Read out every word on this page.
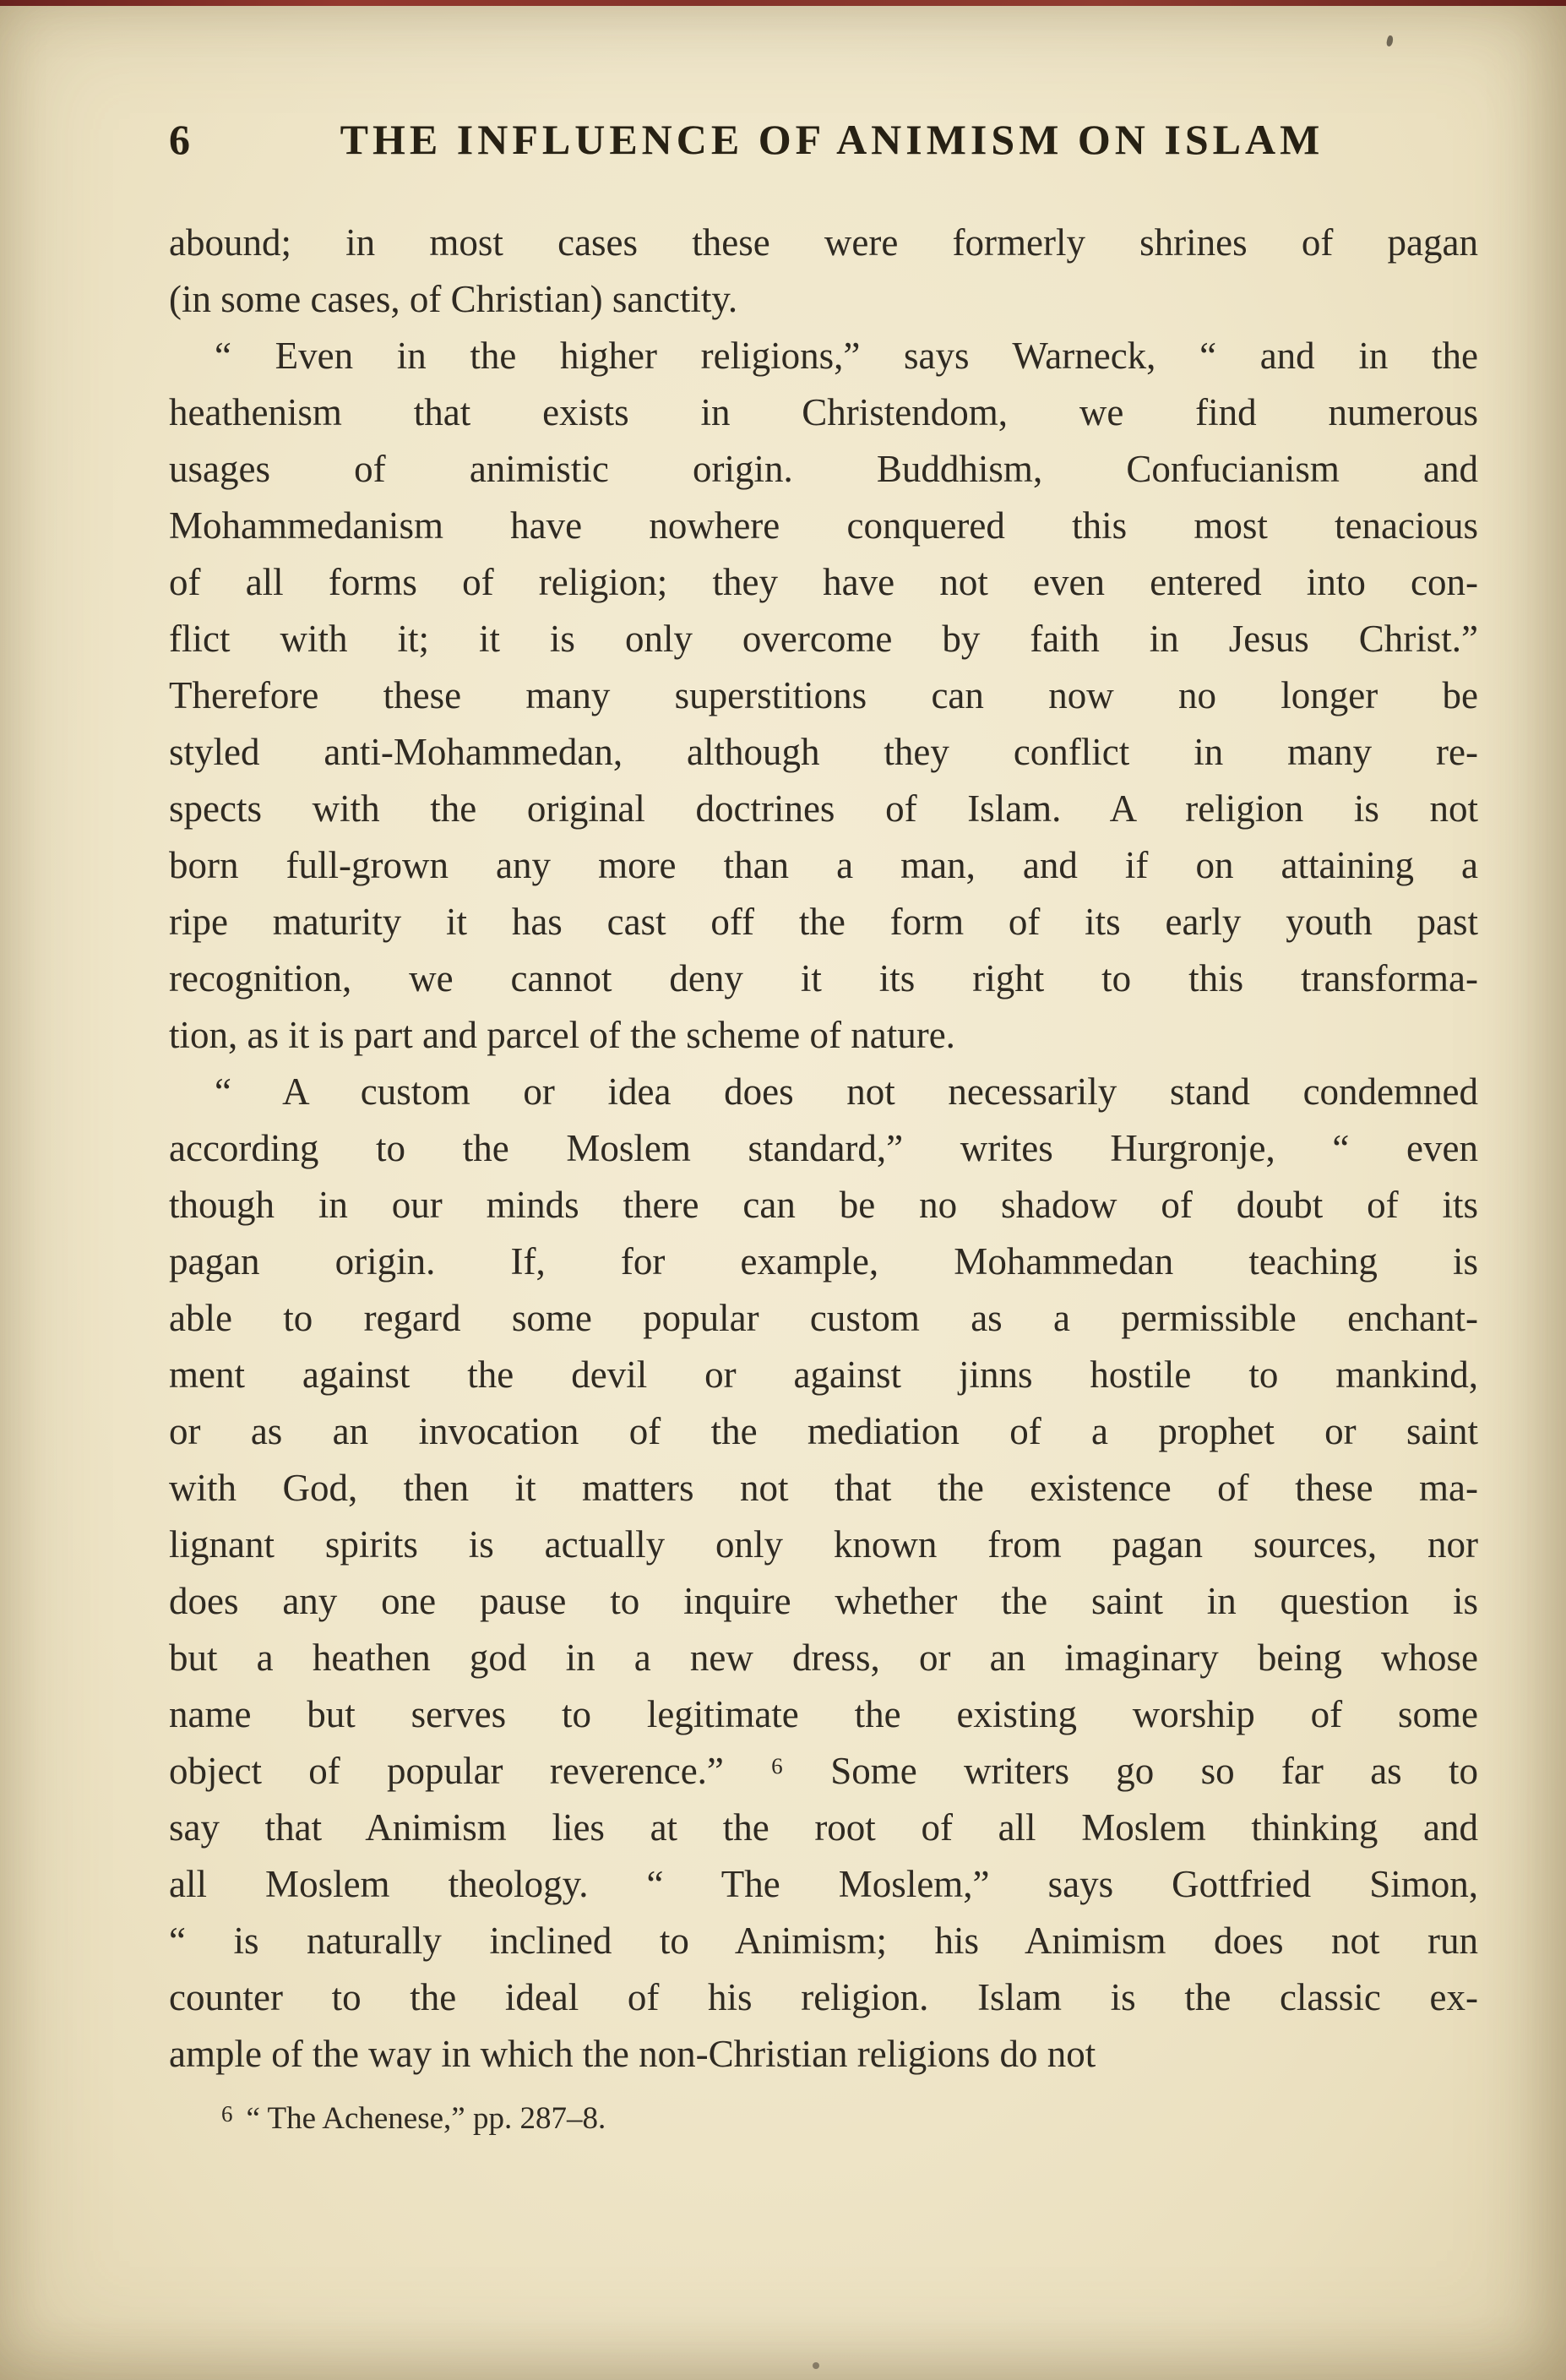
6	THE INFLUENCE OF ANIMISM ON ISLAM
abound; in most cases these were formerly shrines of pagan
(in some cases, of Christian) sanctity.
“ Even in the higher religions,” says Warneck, “ and in the
heathenism that exists in Christendom, we find numerous
usages of animistic origin. Buddhism, Confucianism and
Mohammedanism have nowhere conquered this most tenacious
of all forms of religion; they have not even entered into con-
flict with it; it is only overcome by faith in Jesus Christ.”
Therefore these many superstitions can now no longer be
styled anti-Mohammedan, although they conflict in many re-
spects with the original doctrines of Islam. A religion is not
born full-grown any more than a man, and if on attaining a
ripe maturity it has cast off the form of its early youth past
recognition, we cannot deny it its right to this transforma-
tion, as it is part and parcel of the scheme of nature.
“ A custom or idea does not necessarily stand condemned
according to the Moslem standard,” writes Hurgronje, “ even
though in our minds there can be no shadow of doubt of its
pagan origin. If, for example, Mohammedan teaching is
able to regard some popular custom as a permissible enchant-
ment against the devil or against jinns hostile to mankind,
or as an invocation of the mediation of a prophet or saint
with God, then it matters not that the existence of these ma-
lignant spirits is actually only known from pagan sources, nor
does any one pause to inquire whether the saint in question is
but a heathen god in a new dress, or an imaginary being whose
name but serves to legitimate the existing worship of some
object of popular reverence.” ⁶ Some writers go so far as to
say that Animism lies at the root of all Moslem thinking and
all Moslem theology. “ The Moslem,” says Gottfried Simon,
“ is naturally inclined to Animism; his Animism does not run
counter to the ideal of his religion. Islam is the classic ex-
ample of the way in which the non-Christian religions do not
$^6$ “ The Achenese,” pp. 287–8.
